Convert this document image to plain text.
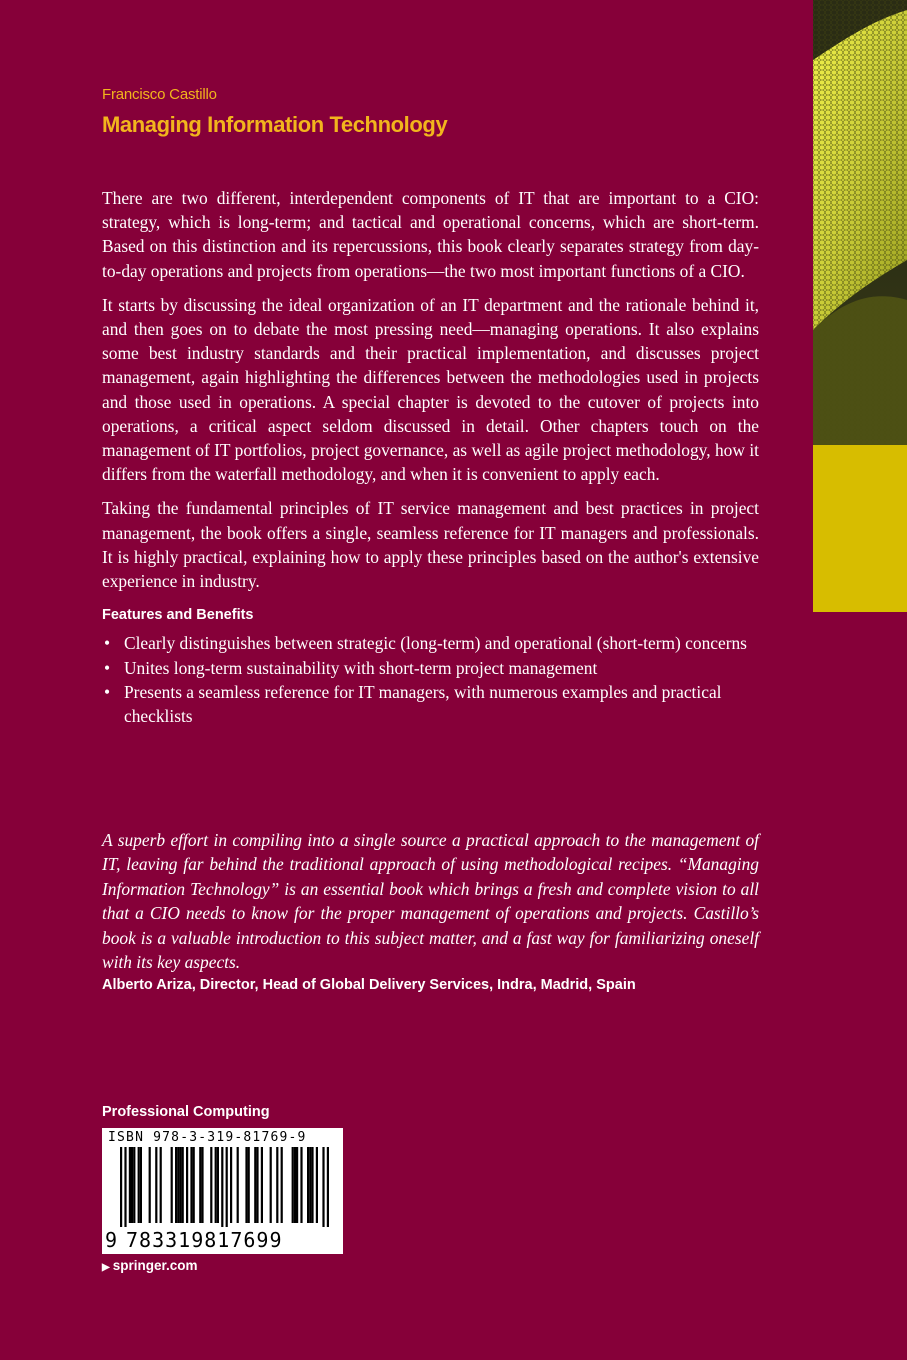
Francisco Castillo
Managing Information Technology

There are two different, interdependent components of IT that are important to a CIO: strategy, which is long-term; and tactical and operational concerns, which are short-term. Based on this distinction and its repercussions, this book clearly separates strategy from day-to-day operations and projects from operations—the two most important functions of a CIO.

It starts by discussing the ideal organization of an IT department and the rationale behind it, and then goes on to debate the most pressing need—managing operations. It also explains some best industry standards and their practical implementation, and discusses project management, again highlighting the differences between the methodologies used in projects and those used in operations. A special chapter is devoted to the cutover of projects into operations, a critical aspect seldom discussed in detail. Other chapters touch on the management of IT portfolios, project governance, as well as agile project methodology, how it differs from the waterfall methodology, and when it is convenient to apply each.

Taking the fundamental principles of IT service management and best practices in project management, the book offers a single, seamless reference for IT managers and professionals. It is highly practical, explaining how to apply these principles based on the author's extensive experience in industry.

Features and Benefits
• Clearly distinguishes between strategic (long-term) and operational (short-term) concerns
• Unites long-term sustainability with short-term project management
• Presents a seamless reference for IT managers, with numerous examples and practical checklists
A superb effort in compiling into a single source a practical approach to the management of IT, leaving far behind the traditional approach of using methodological recipes. “Managing Information Technology” is an essential book which brings a fresh and complete vision to all that a CIO needs to know for the proper management of operations and projects. Castillo’s book is a valuable introduction to this subject matter, and a fast way for familiarizing oneself with its key aspects.
Alberto Ariza, Director, Head of Global Delivery Services, Indra, Madrid, Spain
Professional Computing
ISBN 978-3-319-81769-9
9 783319817699
▶ springer.com
